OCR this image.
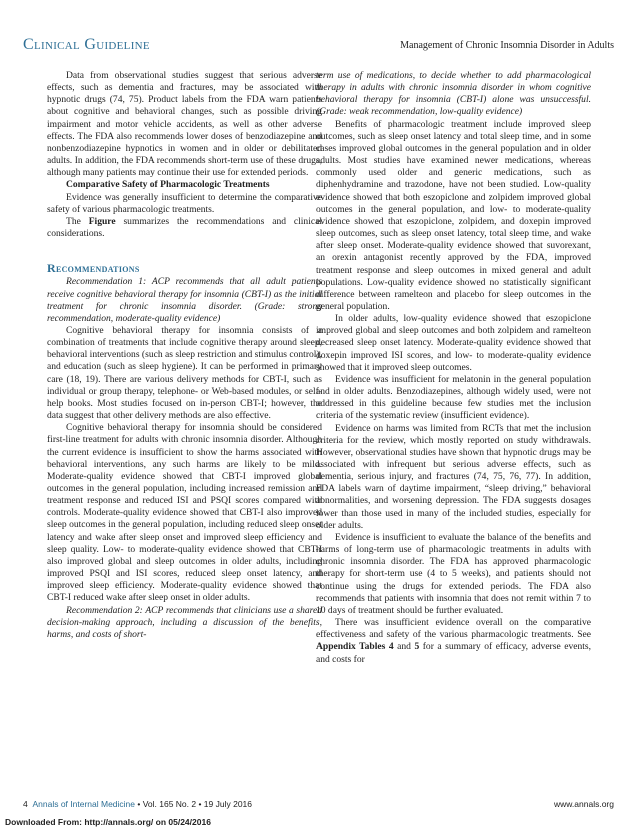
Clinical Guideline	Management of Chronic Insomnia Disorder in Adults

Data from observational studies suggest that serious adverse effects, such as dementia and fractures, may be associated with hypnotic drugs (74, 75). Product labels from the FDA warn patients about cognitive and behavioral changes, such as possible driving impairment and motor vehicle accidents, as well as other adverse effects. The FDA also recommends lower doses of benzodiazepine and nonbenzodiazepine hypnotics in women and in older or debilitated adults. In addition, the FDA recommends short-term use of these drugs, although many patients may continue their use for extended periods.

Comparative Safety of Pharmacologic Treatments

Evidence was generally insufficient to determine the comparative safety of various pharmacologic treatments.

The Figure summarizes the recommendations and clinical considerations.

Recommendations

Recommendation 1: ACP recommends that all adult patients receive cognitive behavioral therapy for insomnia (CBT-I) as the initial treatment for chronic insomnia disorder. (Grade: strong recommendation, moderate-quality evidence)

Cognitive behavioral therapy for insomnia consists of a combination of treatments that include cognitive therapy around sleep, behavioral interventions (such as sleep restriction and stimulus control), and education (such as sleep hygiene). It can be performed in primary care (18, 19). There are various delivery methods for CBT-I, such as individual or group therapy, telephone- or Web-based modules, or self-help books. Most studies focused on in-person CBT-I; however, the data suggest that other delivery methods are also effective.

Cognitive behavioral therapy for insomnia should be considered first-line treatment for adults with chronic insomnia disorder. Although the current evidence is insufficient to show the harms associated with behavioral interventions, any such harms are likely to be mild. Moderate-quality evidence showed that CBT-I improved global outcomes in the general population, including increased remission and treatment response and reduced ISI and PSQI scores compared with controls. Moderate-quality evidence showed that CBT-I also improved sleep outcomes in the general population, including reduced sleep onset latency and wake after sleep onset and improved sleep efficiency and sleep quality. Low- to moderate-quality evidence showed that CBT-I also improved global and sleep outcomes in older adults, including improved PSQI and ISI scores, reduced sleep onset latency, and improved sleep efficiency. Moderate-quality evidence showed that CBT-I reduced wake after sleep onset in older adults.

Recommendation 2: ACP recommends that clinicians use a shared decision-making approach, including a discussion of the benefits, harms, and costs of short-

term use of medications, to decide whether to add pharmacological therapy in adults with chronic insomnia disorder in whom cognitive behavioral therapy for insomnia (CBT-I) alone was unsuccessful. (Grade: weak recommendation, low-quality evidence)

Benefits of pharmacologic treatment include improved sleep outcomes, such as sleep onset latency and total sleep time, and in some cases improved global outcomes in the general population and in older adults. Most studies have examined newer medications, whereas commonly used older and generic medications, such as diphenhydramine and trazodone, have not been studied. Low-quality evidence showed that both eszopiclone and zolpidem improved global outcomes in the general population, and low- to moderate-quality evidence showed that eszopiclone, zolpidem, and doxepin improved sleep outcomes, such as sleep onset latency, total sleep time, and wake after sleep onset. Moderate-quality evidence showed that suvorexant, an orexin antagonist recently approved by the FDA, improved treatment response and sleep outcomes in mixed general and adult populations. Low-quality evidence showed no statistically significant difference between ramelteon and placebo for sleep outcomes in the general population.

In older adults, low-quality evidence showed that eszopiclone improved global and sleep outcomes and both zolpidem and ramelteon decreased sleep onset latency. Moderate-quality evidence showed that doxepin improved ISI scores, and low- to moderate-quality evidence showed that it improved sleep outcomes.

Evidence was insufficient for melatonin in the general population and in older adults. Benzodiazepines, although widely used, were not addressed in this guideline because few studies met the inclusion criteria of the systematic review (insufficient evidence).

Evidence on harms was limited from RCTs that met the inclusion criteria for the review, which mostly reported on study withdrawals. However, observational studies have shown that hypnotic drugs may be associated with infrequent but serious adverse effects, such as dementia, serious injury, and fractures (74, 75, 76, 77). In addition, FDA labels warn of daytime impairment, “sleep driving,” behavioral abnormalities, and worsening depression. The FDA suggests dosages lower than those used in many of the included studies, especially for older adults.

Evidence is insufficient to evaluate the balance of the benefits and harms of long-term use of pharmacologic treatments in adults with chronic insomnia disorder. The FDA has approved pharmacologic therapy for short-term use (4 to 5 weeks), and patients should not continue using the drugs for extended periods. The FDA also recommends that patients with insomnia that does not remit within 7 to 10 days of treatment should be further evaluated.

There was insufficient evidence overall on the comparative effectiveness and safety of the various pharmacologic treatments. See Appendix Tables 4 and 5 for a summary of efficacy, adverse events, and costs for

4 Annals of Internal Medicine • Vol. 165 No. 2 • 19 July 2016	www.annals.org
Downloaded From: http://annals.org/ on 05/24/2016
